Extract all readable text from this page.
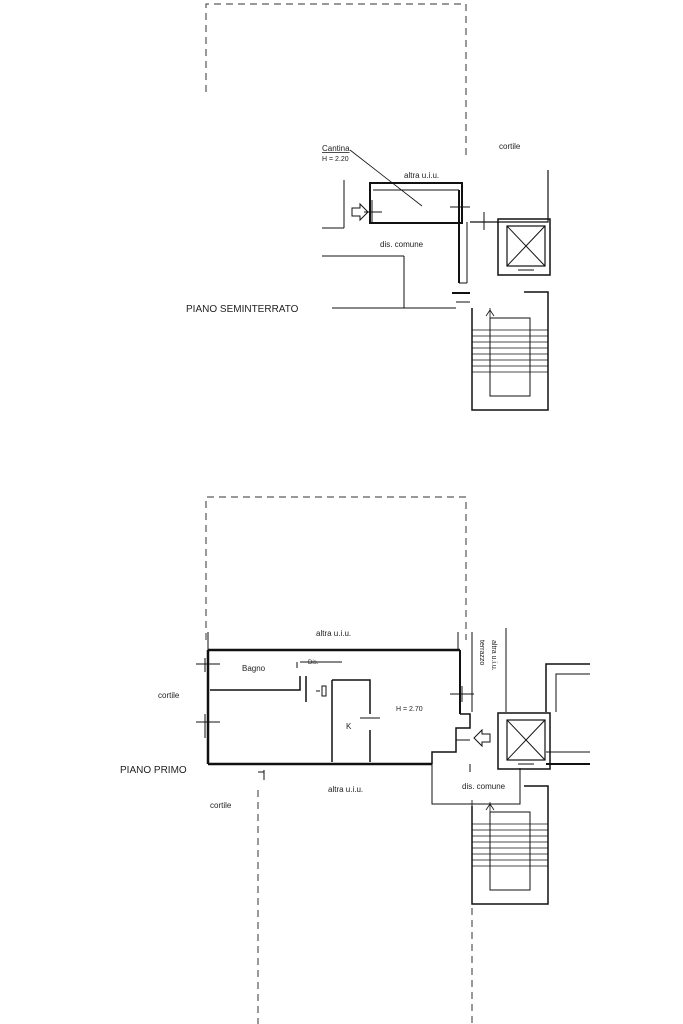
Cantina
H = 2.20
altra u.i.u.
cortile
dis. comune
PIANO SEMINTERRATO
altra u.i.u.
Bagno
Dis.
K
H = 2.70
cortile
PIANO PRIMO
altra u.i.u.
cortile
dis. comune
terrazzo altra u.i.u.
